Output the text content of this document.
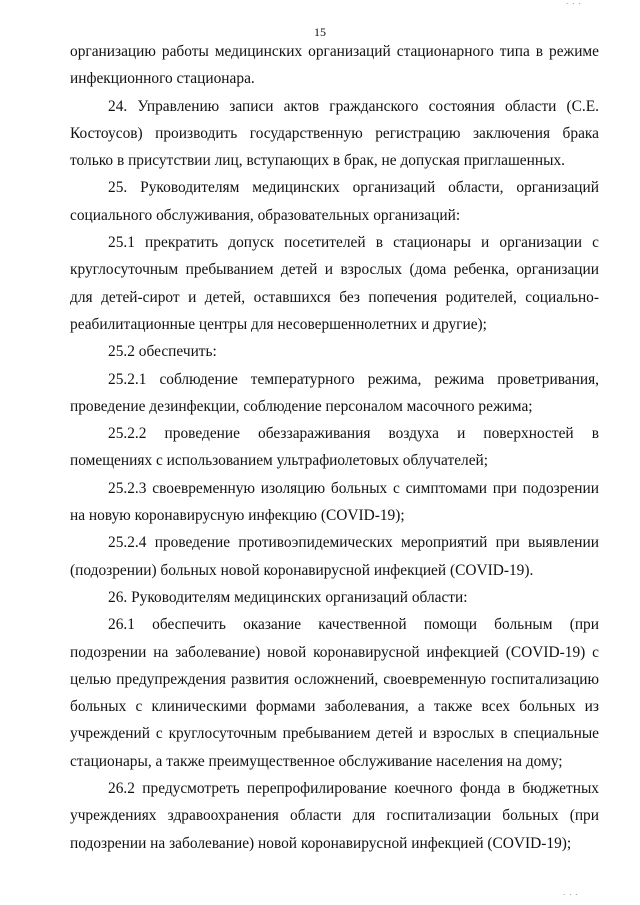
· · ·
15

организацию работы медицинских организаций стационарного типа в режиме инфекционного стационара.

24. Управлению записи актов гражданского состояния области (С.Е. Костоусов) производить государственную регистрацию заключения брака только в присутствии лиц, вступающих в брак, не допуская приглашенных.

25. Руководителям медицинских организаций области, организаций социального обслуживания, образовательных организаций:

25.1 прекратить допуск посетителей в стационары и организации с круглосуточным пребыванием детей и взрослых (дома ребенка, организации для детей-сирот и детей, оставшихся без попечения родителей, социально-реабилитационные центры для несовершеннолетних и другие);

25.2 обеспечить:

25.2.1 соблюдение температурного режима, режима проветривания, проведение дезинфекции, соблюдение персоналом масочного режима;

25.2.2 проведение обеззараживания воздуха и поверхностей в помещениях с использованием ультрафиолетовых облучателей;

25.2.3 своевременную изоляцию больных с симптомами при подозрении на новую коронавирусную инфекцию (COVID-19);

25.2.4 проведение противоэпидемических мероприятий при выявлении (подозрении) больных новой коронавирусной инфекцией (COVID-19).

26. Руководителям медицинских организаций области:

26.1 обеспечить оказание качественной помощи больным (при подозрении на заболевание) новой коронавирусной инфекцией (COVID-19) с целью предупреждения развития осложнений, своевременную госпитализацию больных с клиническими формами заболевания, а также всех больных из учреждений с круглосуточным пребыванием детей и взрослых в специальные стационары, а также преимущественное обслуживание населения на дому;

26.2 предусмотреть перепрофилирование коечного фонда в бюджетных учреждениях здравоохранения области для госпитализации больных (при подозрении на заболевание) новой коронавирусной инфекцией (COVID-19);

· · ·
